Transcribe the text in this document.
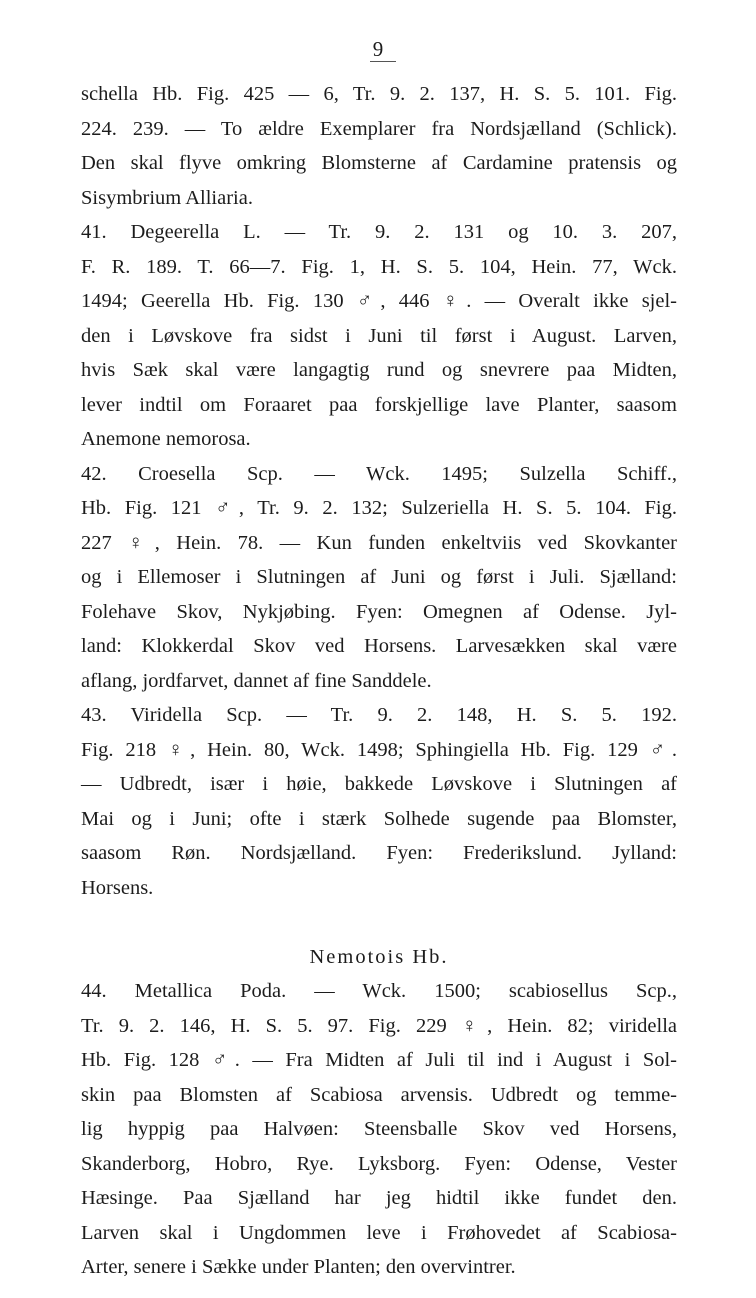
9
schella Hb. Fig. 425 — 6, Tr. 9. 2. 137, H. S. 5. 101. Fig.
224. 239. — To ældre Exemplarer fra Nordsjælland (Schlick).
Den skal flyve omkring Blomsterne af Cardamine pratensis og
Sisymbrium Alliaria.
41. Degeerella L. — Tr. 9. 2. 131 og 10. 3. 207,
F. R. 189. T. 66—7. Fig. 1, H. S. 5. 104, Hein. 77, Wck.
1494; Geerella Hb. Fig. 130 ♂, 446 ♀. — Overalt ikke sjel-
den i Løvskove fra sidst i Juni til først i August. Larven,
hvis Sæk skal være langagtig rund og snevrere paa Midten,
lever indtil om Foraaret paa forskjellige lave Planter, saasom
Anemone nemorosa.
42. Croesella Scp. — Wck. 1495; Sulzella Schiff.,
Hb. Fig. 121 ♂, Tr. 9. 2. 132; Sulzeriella H. S. 5. 104. Fig.
227 ♀, Hein. 78. — Kun funden enkeltviis ved Skovkanter
og i Ellemoser i Slutningen af Juni og først i Juli. Sjælland:
Folehave Skov, Nykjøbing. Fyen: Omegnen af Odense. Jyl-
land: Klokkerdal Skov ved Horsens. Larvesækken skal være
aflang, jordfarvet, dannet af fine Sanddele.
43. Viridella Scp. — Tr. 9. 2. 148, H. S. 5. 192.
Fig. 218 ♀, Hein. 80, Wck. 1498; Sphingiella Hb. Fig. 129 ♂.
— Udbredt, især i høie, bakkede Løvskove i Slutningen af
Mai og i Juni; ofte i stærk Solhede sugende paa Blomster,
saasom Røn. Nordsjælland. Fyen: Frederikslund. Jylland:
Horsens.
Nemotois Hb.
44. Metallica Poda. — Wck. 1500; scabiosellus Scp.,
Tr. 9. 2. 146, H. S. 5. 97. Fig. 229 ♀, Hein. 82; viridella
Hb. Fig. 128 ♂. — Fra Midten af Juli til ind i August i Sol-
skin paa Blomsten af Scabiosa arvensis. Udbredt og temme-
lig hyppig paa Halvøen: Steensballe Skov ved Horsens,
Skanderborg, Hobro, Rye. Lyksborg. Fyen: Odense, Vester
Hæsinge. Paa Sjælland har jeg hidtil ikke fundet den.
Larven skal i Ungdommen leve i Frøhovedet af Scabiosa-
Arter, senere i Sække under Planten; den overvintrer.
